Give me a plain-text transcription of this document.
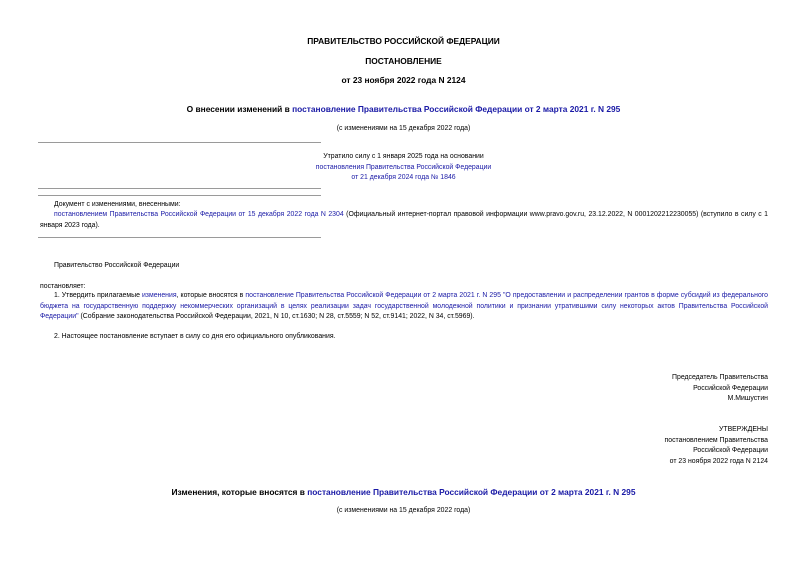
ПРАВИТЕЛЬСТВО РОССИЙСКОЙ ФЕДЕРАЦИИ
ПОСТАНОВЛЕНИЕ
от 23 ноября 2022 года N 2124
О внесении изменений в постановление Правительства Российской Федерации от 2 марта 2021 г. N 295
(с изменениями на 15 декабря 2022 года)
Утратило силу с 1 января 2025 года на основании
постановления Правительства Российской Федерации
от 21 декабря 2024 года № 1846
Документ с изменениями, внесенными:
постановлением Правительства Российской Федерации от 15 декабря 2022 года N 2304 (Официальный интернет-портал правовой информации www.pravo.gov.ru, 23.12.2022, N 0001202212230055) (вступило в силу с 1 января 2023 года).
Правительство Российской Федерации
постановляет:
1. Утвердить прилагаемые изменения, которые вносятся в постановление Правительства Российской Федерации от 2 марта 2021 г. N 295 "О предоставлении и распределении грантов в форме субсидий из федерального бюджета на государственную поддержку некоммерческих организаций в целях реализации задач государственной молодежной политики и признании утратившими силу некоторых актов Правительства Российской Федерации" (Собрание законодательства Российской Федерации, 2021, N 10, ст.1630; N 28, ст.5559; N 52, ст.9141; 2022, N 34, ст.5969).
2. Настоящее постановление вступает в силу со дня его официального опубликования.
Председатель Правительства
Российской Федерации
М.Мишустин
УТВЕРЖДЕНЫ
постановлением Правительства
Российской Федерации
от 23 ноября 2022 года N 2124
Изменения, которые вносятся в постановление Правительства Российской Федерации от 2 марта 2021 г. N 295
(с изменениями на 15 декабря 2022 года)
